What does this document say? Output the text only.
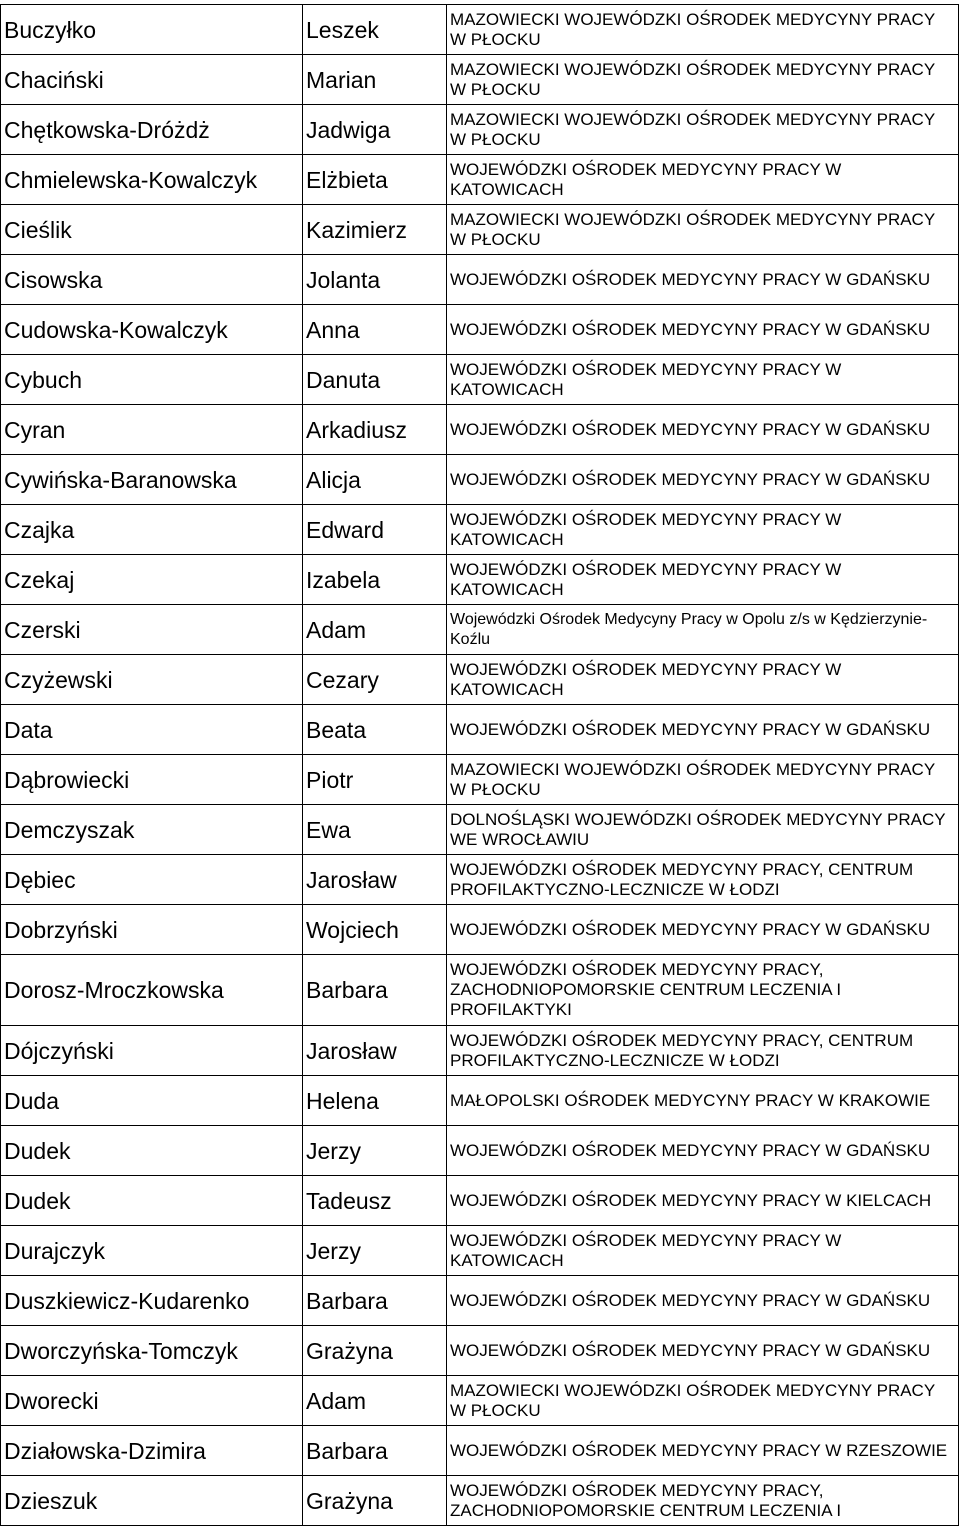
Buczyłko	Leszek	MAZOWIECKI WOJEWÓDZKI OŚRODEK MEDYCYNY PRACY W PŁOCKU
Chaciński	Marian	MAZOWIECKI WOJEWÓDZKI OŚRODEK MEDYCYNY PRACY W PŁOCKU
Chętkowska-Dróżdż	Jadwiga	MAZOWIECKI WOJEWÓDZKI OŚRODEK MEDYCYNY PRACY W PŁOCKU
Chmielewska-Kowalczyk	Elżbieta	WOJEWÓDZKI OŚRODEK MEDYCYNY PRACY W KATOWICACH
Cieślik	Kazimierz	MAZOWIECKI WOJEWÓDZKI OŚRODEK MEDYCYNY PRACY W PŁOCKU
Cisowska	Jolanta	WOJEWÓDZKI OŚRODEK MEDYCYNY PRACY W GDAŃSKU
Cudowska-Kowalczyk	Anna	WOJEWÓDZKI OŚRODEK MEDYCYNY PRACY W GDAŃSKU
Cybuch	Danuta	WOJEWÓDZKI OŚRODEK MEDYCYNY PRACY W KATOWICACH
Cyran	Arkadiusz	WOJEWÓDZKI OŚRODEK MEDYCYNY PRACY W GDAŃSKU
Cywińska-Baranowska	Alicja	WOJEWÓDZKI OŚRODEK MEDYCYNY PRACY W GDAŃSKU
Czajka	Edward	WOJEWÓDZKI OŚRODEK MEDYCYNY PRACY W KATOWICACH
Czekaj	Izabela	WOJEWÓDZKI OŚRODEK MEDYCYNY PRACY W KATOWICACH
Czerski	Adam	Wojewódzki Ośrodek Medycyny Pracy w Opolu z/s w Kędzierzynie-Koźlu
Czyżewski	Cezary	WOJEWÓDZKI OŚRODEK MEDYCYNY PRACY W KATOWICACH
Data	Beata	WOJEWÓDZKI OŚRODEK MEDYCYNY PRACY W GDAŃSKU
Dąbrowiecki	Piotr	MAZOWIECKI WOJEWÓDZKI OŚRODEK MEDYCYNY PRACY W PŁOCKU
Demczyszak	Ewa	DOLNOŚLĄSKI WOJEWÓDZKI OŚRODEK MEDYCYNY PRACY WE WROCŁAWIU
Dębiec	Jarosław	WOJEWÓDZKI OŚRODEK MEDYCYNY PRACY, CENTRUM PROFILAKTYCZNO-LECZNICZE W ŁODZI
Dobrzyński	Wojciech	WOJEWÓDZKI OŚRODEK MEDYCYNY PRACY W GDAŃSKU
Dorosz-Mroczkowska	Barbara	WOJEWÓDZKI OŚRODEK MEDYCYNY PRACY, ZACHODNIOPOMORSKIE CENTRUM LECZENIA I PROFILAKTYKI
Dójczyński	Jarosław	WOJEWÓDZKI OŚRODEK MEDYCYNY PRACY, CENTRUM PROFILAKTYCZNO-LECZNICZE W ŁODZI
Duda	Helena	MAŁOPOLSKI OŚRODEK MEDYCYNY PRACY W KRAKOWIE
Dudek	Jerzy	WOJEWÓDZKI OŚRODEK MEDYCYNY PRACY W GDAŃSKU
Dudek	Tadeusz	WOJEWÓDZKI OŚRODEK MEDYCYNY PRACY W KIELCACH
Durajczyk	Jerzy	WOJEWÓDZKI OŚRODEK MEDYCYNY PRACY W KATOWICACH
Duszkiewicz-Kudarenko	Barbara	WOJEWÓDZKI OŚRODEK MEDYCYNY PRACY W GDAŃSKU
Dworczyńska-Tomczyk	Grażyna	WOJEWÓDZKI OŚRODEK MEDYCYNY PRACY W GDAŃSKU
Dworecki	Adam	MAZOWIECKI WOJEWÓDZKI OŚRODEK MEDYCYNY PRACY W PŁOCKU
Działowska-Dzimira	Barbara	WOJEWÓDZKI OŚRODEK MEDYCYNY PRACY W RZESZOWIE
Dzieszuk	Grażyna	WOJEWÓDZKI OŚRODEK MEDYCYNY PRACY, ZACHODNIOPOMORSKIE CENTRUM LECZENIA I
